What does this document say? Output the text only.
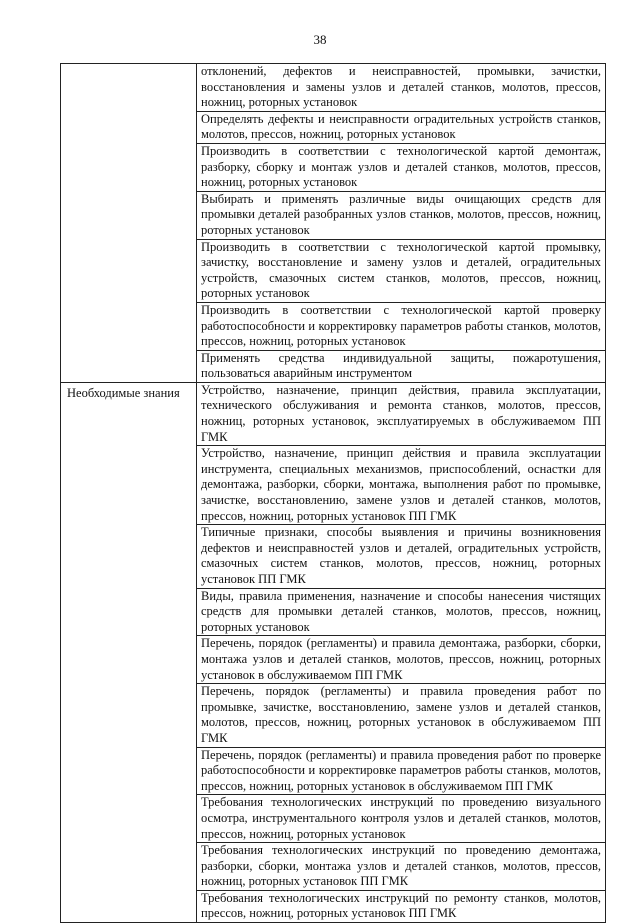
38
	отклонений, дефектов и неисправностей, промывки, зачистки, восстановления и замены узлов и деталей станков, молотов, прессов, ножниц, роторных установок
	Определять дефекты и неисправности оградительных устройств станков, молотов, прессов, ножниц, роторных установок
	Производить в соответствии с технологической картой демонтаж, разборку, сборку и монтаж узлов и деталей станков, молотов, прессов, ножниц, роторных установок
	Выбирать и применять различные виды очищающих средств для промывки деталей разобранных узлов станков, молотов, прессов, ножниц, роторных установок
	Производить в соответствии с технологической картой промывку, зачистку, восстановление и замену узлов и деталей, оградительных устройств, смазочных систем станков, молотов, прессов, ножниц, роторных установок
	Производить в соответствии с технологической картой проверку работоспособности и корректировку параметров работы станков, молотов, прессов, ножниц, роторных установок
	Применять средства индивидуальной защиты, пожаротушения, пользоваться аварийным инструментом

Необходимые знания	Устройство, назначение, принцип действия, правила эксплуатации, технического обслуживания и ремонта станков, молотов, прессов, ножниц, роторных установок, эксплуатируемых в обслуживаемом ПП ГМК
	Устройство, назначение, принцип действия и правила эксплуатации инструмента, специальных механизмов, приспособлений, оснастки для демонтажа, разборки, сборки, монтажа, выполнения работ по промывке, зачистке, восстановлению, замене узлов и деталей станков, молотов, прессов, ножниц, роторных установок ПП ГМК
	Типичные признаки, способы выявления и причины возникновения дефектов и неисправностей узлов и деталей, оградительных устройств, смазочных систем станков, молотов, прессов, ножниц, роторных установок ПП ГМК
	Виды, правила применения, назначение и способы нанесения чистящих средств для промывки деталей станков, молотов, прессов, ножниц, роторных установок
	Перечень, порядок (регламенты) и правила демонтажа, разборки, сборки, монтажа узлов и деталей станков, молотов, прессов, ножниц, роторных установок в обслуживаемом ПП ГМК
	Перечень, порядок (регламенты) и правила проведения работ по промывке, зачистке, восстановлению, замене узлов и деталей станков, молотов, прессов, ножниц, роторных установок в обслуживаемом ПП ГМК
	Перечень, порядок (регламенты) и правила проведения работ по проверке работоспособности и корректировке параметров работы станков, молотов, прессов, ножниц, роторных установок в обслуживаемом ПП ГМК
	Требования технологических инструкций по проведению визуального осмотра, инструментального контроля узлов и деталей станков, молотов, прессов, ножниц, роторных установок
	Требования технологических инструкций по проведению демонтажа, разборки, сборки, монтажа узлов и деталей станков, молотов, прессов, ножниц, роторных установок ПП ГМК
	Требования технологических инструкций по ремонту станков, молотов, прессов, ножниц, роторных установок ПП ГМК
